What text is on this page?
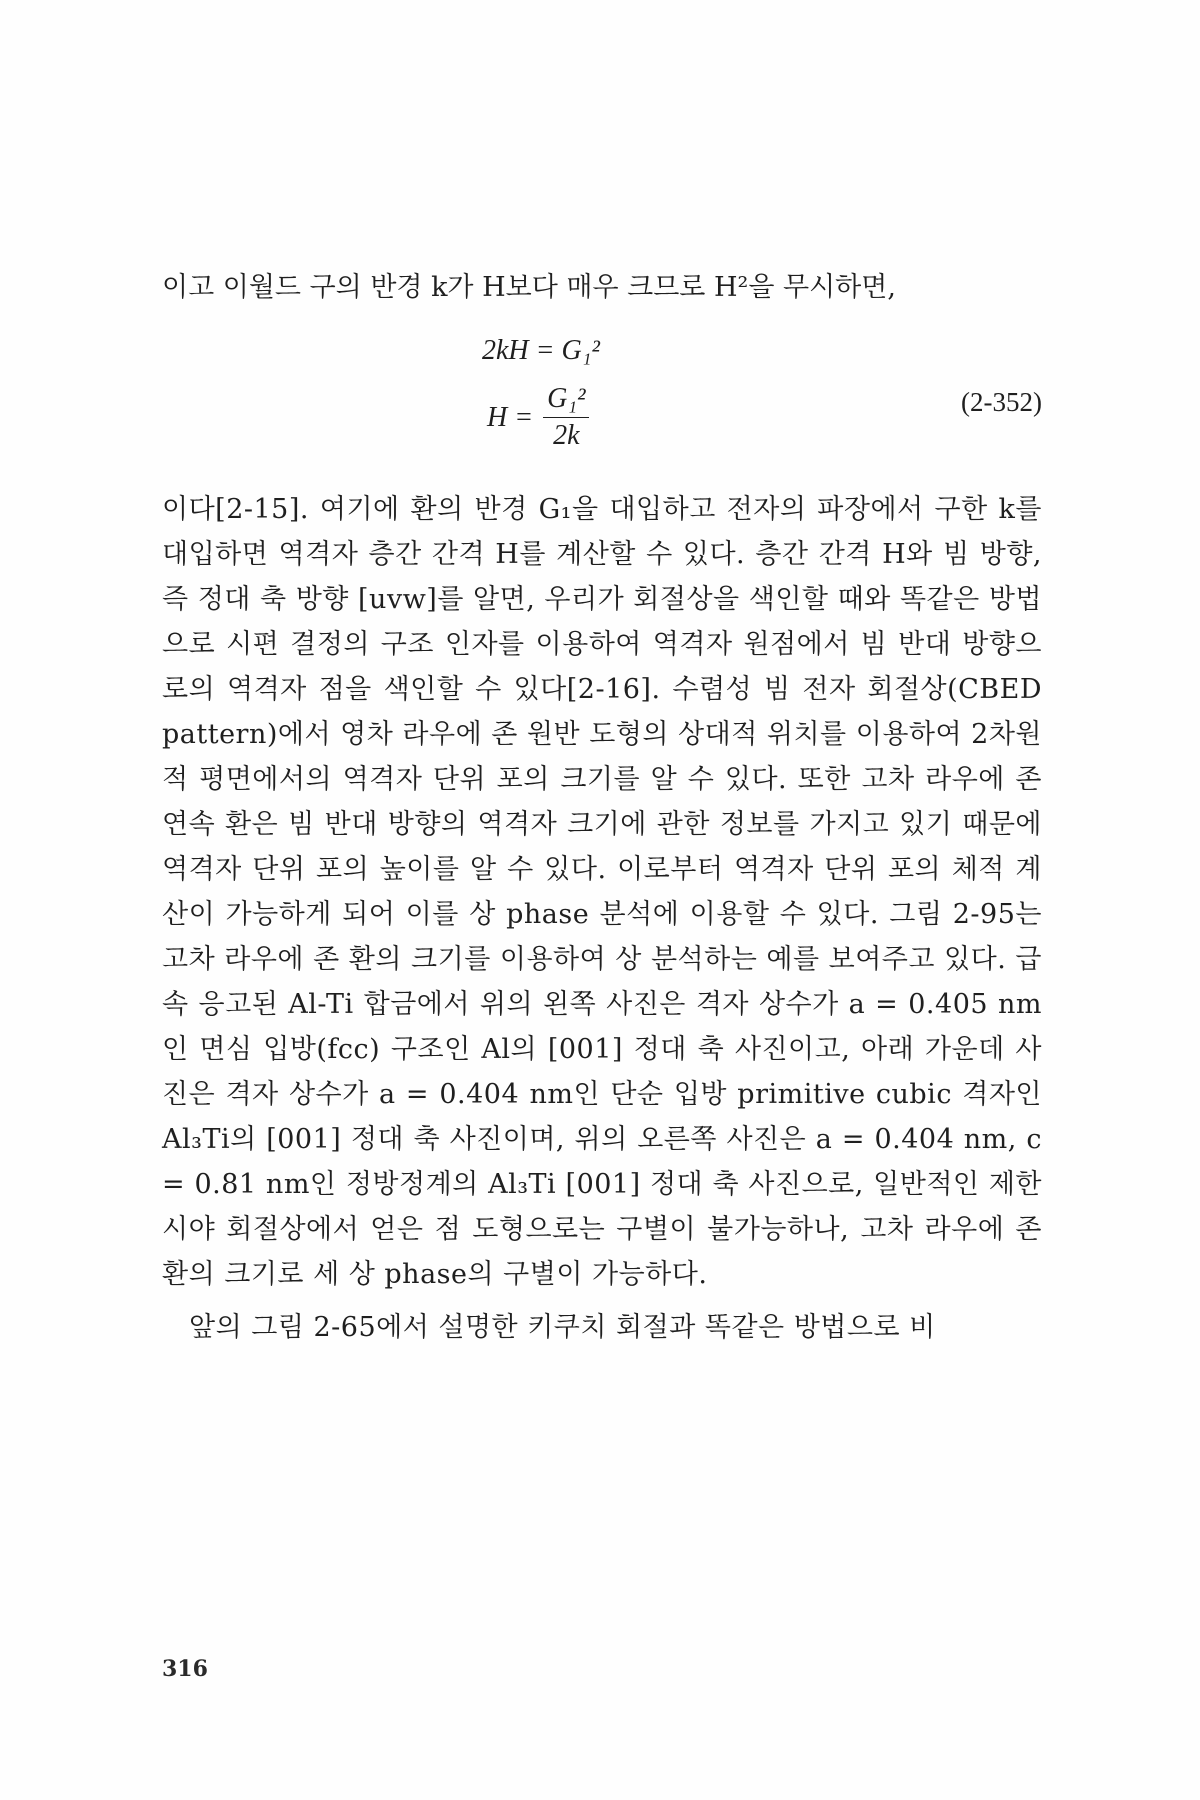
이고 이월드 구의 반경 k가 H보다 매우 크므로 H²을 무시하면,

2kH = G₁²
$H = \frac{\text{G₁²}}{2k}$	(2-352)

이다[2-15]. 여기에 환의 반경 G₁을 대입하고 전자의 파장에서 구한 k를 대입하면 역격자 층간 간격 H를 계산할 수 있다. 층간 간격 H와 빔 방향, 즉 정대 축 방향 [uvw]를 알면, 우리가 회절상을 색인할 때와 똑같은 방법으로 시편 결정의 구조 인자를 이용하여 역격자 원점에서 빔 반대 방향으로의 역격자 점을 색인할 수 있다[2-16]. 수렴성 빔 전자 회절상(CBED pattern)에서 영차 라우에 존 원반 도형의 상대적 위치를 이용하여 2차원적 평면에서의 역격자 단위 포의 크기를 알 수 있다. 또한 고차 라우에 존 연속 환은 빔 반대 방향의 역격자 크기에 관한 정보를 가지고 있기 때문에 역격자 단위 포의 높이를 알 수 있다. 이로부터 역격자 단위 포의 체적 계산이 가능하게 되어 이를 상 phase 분석에 이용할 수 있다. 그림 2-95는 고차 라우에 존 환의 크기를 이용하여 상 분석하는 예를 보여주고 있다. 급속 응고된 Al-Ti 합금에서 위의 왼쪽 사진은 격자 상수가 a = 0.405 nm인 면심 입방(fcc) 구조인 Al의 [001] 정대 축 사진이고, 아래 가운데 사진은 격자 상수가 a = 0.404 nm인 단순 입방 primitive cubic 격자인 Al₃Ti의 [001] 정대 축 사진이며, 위의 오른쪽 사진은 a = 0.404 nm, c = 0.81 nm인 정방정계의 Al₃Ti [001] 정대 축 사진으로, 일반적인 제한 시야 회절상에서 얻은 점 도형으로는 구별이 불가능하나, 고차 라우에 존 환의 크기로 세 상 phase의 구별이 가능하다.

앞의 그림 2-65에서 설명한 키쿠치 회절과 똑같은 방법으로 비

316
